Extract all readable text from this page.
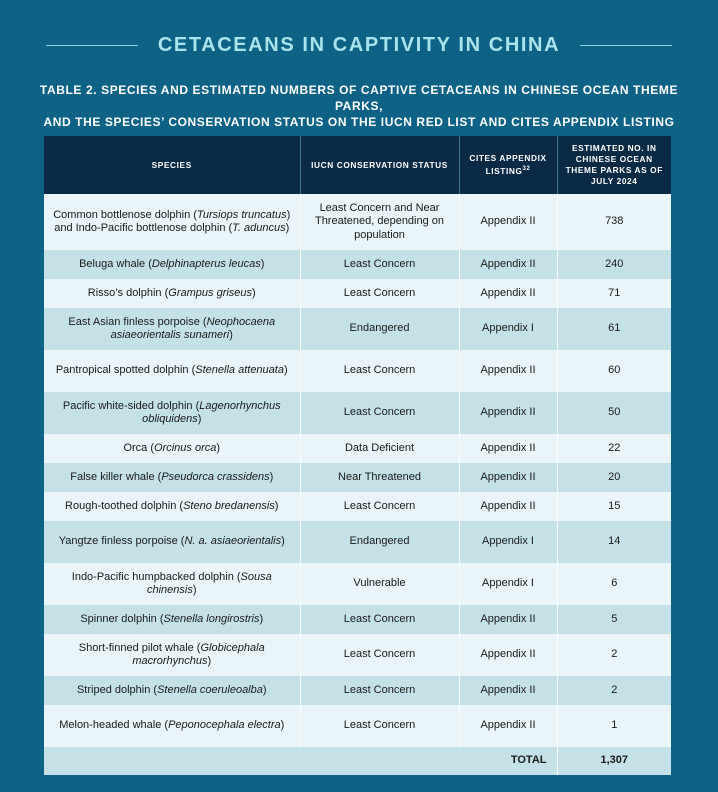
CETACEANS IN CAPTIVITY IN CHINA
TABLE 2. SPECIES AND ESTIMATED NUMBERS OF CAPTIVE CETACEANS IN CHINESE OCEAN THEME PARKS,
AND THE SPECIES’ CONSERVATION STATUS ON THE IUCN RED LIST AND CITES APPENDIX LISTING
SPECIES	IUCN CONSERVATION STATUS	CITES APPENDIX LISTING$^{32}$	ESTIMATED NO. IN CHINESE OCEAN THEME PARKS AS OF JULY 2024
Common bottlenose dolphin (Tursiops truncatus) and Indo-Pacific bottlenose dolphin (T. aduncus)	Least Concern and Near Threatened, depending on population	Appendix II	738
Beluga whale (Delphinapterus leucas)	Least Concern	Appendix II	240
Risso’s dolphin (Grampus griseus)	Least Concern	Appendix II	71
East Asian finless porpoise (Neophocaena asiaeorientalis sunameri)	Endangered	Appendix I	61
Pantropical spotted dolphin (Stenella attenuata)	Least Concern	Appendix II	60
Pacific white-sided dolphin (Lagenorhynchus obliquidens)	Least Concern	Appendix II	50
Orca (Orcinus orca)	Data Deficient	Appendix II	22
False killer whale (Pseudorca crassidens)	Near Threatened	Appendix II	20
Rough-toothed dolphin (Steno bredanensis)	Least Concern	Appendix II	15
Yangtze finless porpoise (N. a. asiaeorientalis)	Endangered	Appendix I	14
Indo-Pacific humpbacked dolphin (Sousa chinensis)	Vulnerable	Appendix I	6
Spinner dolphin (Stenella longirostris)	Least Concern	Appendix II	5
Short-finned pilot whale (Globicephala macrorhynchus)	Least Concern	Appendix II	2
Striped dolphin (Stenella coeruleoalba)	Least Concern	Appendix II	2
Melon-headed whale (Peponocephala electra)	Least Concern	Appendix II	1
TOTAL			1,307
